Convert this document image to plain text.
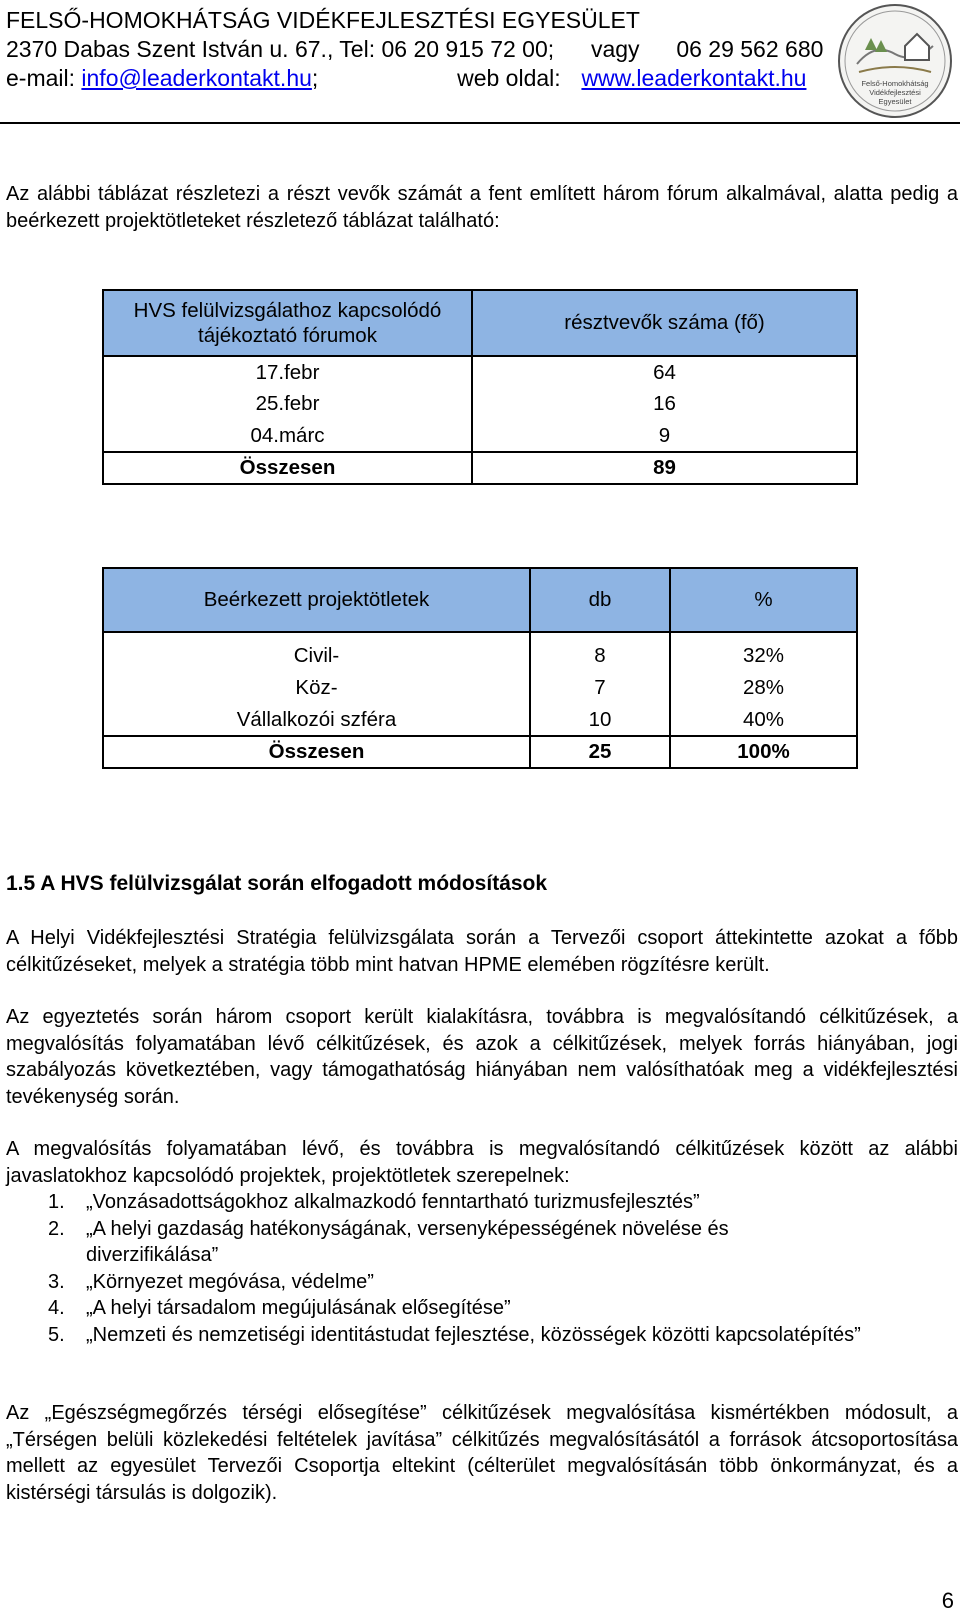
FELSŐ-HOMOKHÁTSÁG VIDÉKFEJLESZTÉSI EGYESÜLET
2370 Dabas Szent István u. 67., Tel: 06 20 915 72 00; vagy 06 29 562 680
e-mail: info@leaderkontakt.hu;	web oldal: www.leaderkontakt.hu	Felső-Homokhátság
Vidékfejlesztési
Egyesület
Az alábbi táblázat részletezi a részt vevők számát a fent említett három fórum alkalmával, alatta pedig a beérkezett projektötleteket részletező táblázat található:
HVS felülvizsgálathoz kapcsolódó
tájékoztató fórumok	résztvevők száma (fő)
17.febr	64
25.febr	16
04.márc	9
Összesen	89
Beérkezett projektötletek	db	%

Civil-	8	32%
Köz-	7	28%
Vállalkozói szféra	10	40%
Összesen	25	100%
1.5 A HVS felülvizsgálat során elfogadott módosítások
A Helyi Vidékfejlesztési Stratégia felülvizsgálata során a Tervezői csoport áttekintette azokat a főbb célkitűzéseket, melyek a stratégia több mint hatvan HPME elemében rögzítésre került.
Az egyeztetés során három csoport került kialakításra, továbbra is megvalósítandó célkitűzések, a megvalósítás folyamatában lévő célkitűzések, és azok a célkitűzések, melyek forrás hiányában, jogi szabályozás következtében, vagy támogathatóság hiányában nem valósíthatóak meg a vidékfejlesztési tevékenység során.
A megvalósítás folyamatában lévő, és továbbra is megvalósítandó célkitűzések között az alábbi javaslatokhoz kapcsolódó projektek, projektötletek szerepelnek:
1. „Vonzásadottságokhoz alkalmazkodó fenntartható turizmusfejlesztés”
2. „A helyi gazdaság hatékonyságának, versenyképességének növelése és diverzifikálása”
3. „Környezet megóvása, védelme”
4. „A helyi társadalom megújulásának elősegítése”
5. „Nemzeti és nemzetiségi identitástudat fejlesztése, közösségek közötti kapcsolatépítés”
Az „Egészségmegőrzés térségi elősegítése” célkitűzések megvalósítása kismértékben módosult, a „Térségen belüli közlekedési feltételek javítása” célkitűzés megvalósításától a források átcsoportosítása mellett az egyesület Tervezői Csoportja eltekint (célterület megvalósításán több önkormányzat, és a kistérségi társulás is dolgozik).
6
